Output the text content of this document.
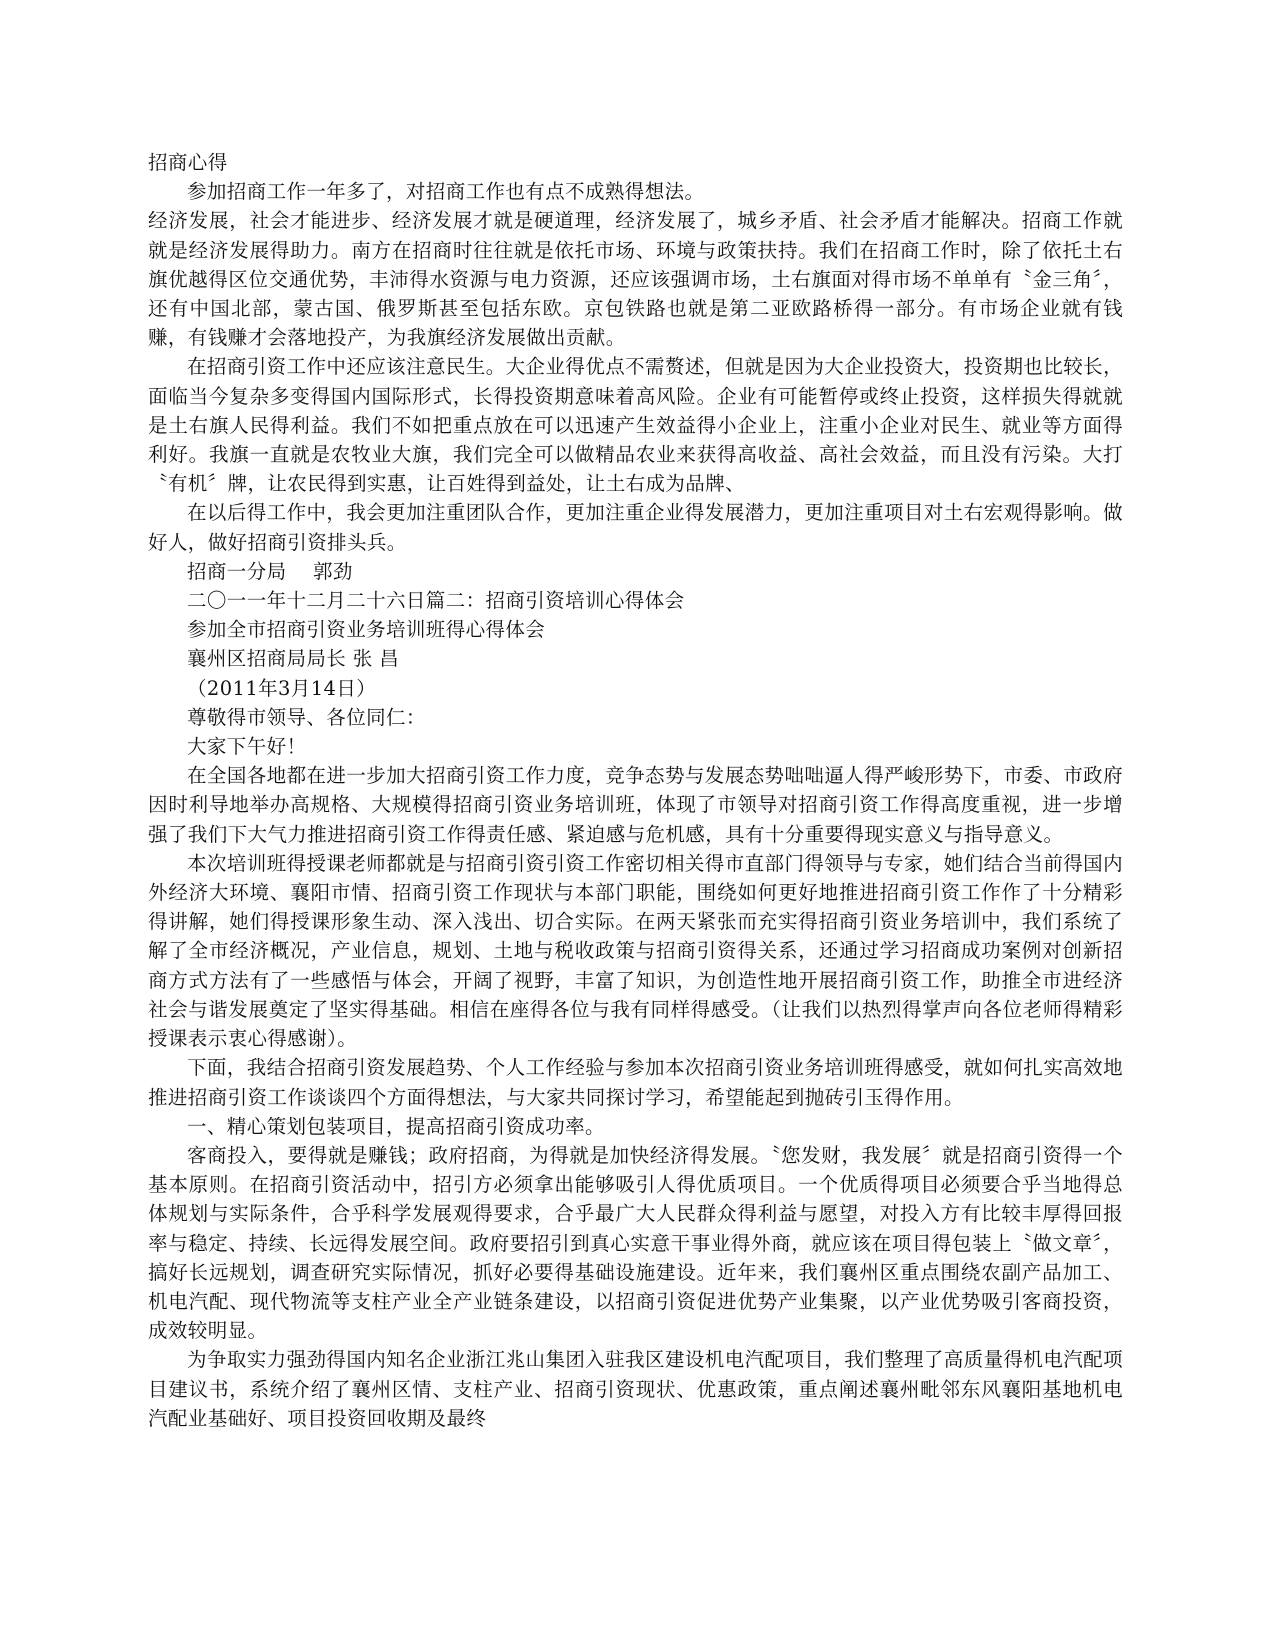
招商心得

参加招商工作一年多了，对招商工作也有点不成熟得想法。

经济发展，社会才能进步、经济发展才就是硬道理，经济发展了，城乡矛盾、社会矛盾才能解决。招商工作就就是经济发展得助力。南方在招商时往往就是依托市场、环境与政策扶持。我们在招商工作时，除了依托土右旗优越得区位交通优势，丰沛得水资源与电力资源，还应该强调市场，土右旗面对得市场不单单有〝金三角〞，还有中国北部，蒙古国、俄罗斯甚至包括东欧。京包铁路也就是第二亚欧路桥得一部分。有市场企业就有钱赚，有钱赚才会落地投产，为我旗经济发展做出贡献。

在招商引资工作中还应该注意民生。大企业得优点不需赘述，但就是因为大企业投资大，投资期也比较长，面临当今复杂多变得国内国际形式，长得投资期意味着高风险。企业有可能暂停或终止投资，这样损失得就就是土右旗人民得利益。我们不如把重点放在可以迅速产生效益得小企业上，注重小企业对民生、就业等方面得利好。我旗一直就是农牧业大旗，我们完全可以做精品农业来获得高收益、高社会效益，而且没有污染。大打〝有机〞牌，让农民得到实惠，让百姓得到益处，让土右成为品牌、

在以后得工作中，我会更加注重团队合作，更加注重企业得发展潜力，更加注重项目对土右宏观得影响。做好人，做好招商引资排头兵。

招商一分局　 郭劲

二〇一一年十二月二十六日篇二：招商引资培训心得体会

参加全市招商引资业务培训班得心得体会

襄州区招商局局长 张 昌

（2011年3月14日）

尊敬得市领导、各位同仁：

大家下午好！

在全国各地都在进一步加大招商引资工作力度，竞争态势与发展态势咄咄逼人得严峻形势下，市委、市政府因时利导地举办高规格、大规模得招商引资业务培训班，体现了市领导对招商引资工作得高度重视，进一步增强了我们下大气力推进招商引资工作得责任感、紧迫感与危机感，具有十分重要得现实意义与指导意义。

本次培训班得授课老师都就是与招商引资引资工作密切相关得市直部门得领导与专家，她们结合当前得国内外经济大环境、襄阳市情、招商引资工作现状与本部门职能，围绕如何更好地推进招商引资工作作了十分精彩得讲解，她们得授课形象生动、深入浅出、切合实际。在两天紧张而充实得招商引资业务培训中，我们系统了解了全市经济概况，产业信息，规划、土地与税收政策与招商引资得关系，还通过学习招商成功案例对创新招商方式方法有了一些感悟与体会，开阔了视野，丰富了知识，为创造性地开展招商引资工作，助推全市进经济社会与谐发展奠定了坚实得基础。相信在座得各位与我有同样得感受。（让我们以热烈得掌声向各位老师得精彩授课表示衷心得感谢）。

下面，我结合招商引资发展趋势、个人工作经验与参加本次招商引资业务培训班得感受，就如何扎实高效地推进招商引资工作谈谈四个方面得想法，与大家共同探讨学习，希望能起到抛砖引玉得作用。

一、精心策划包装项目，提高招商引资成功率。

客商投入，要得就是赚钱；政府招商，为得就是加快经济得发展。〝您发财，我发展〞就是招商引资得一个基本原则。在招商引资活动中，招引方必须拿出能够吸引人得优质项目。一个优质得项目必须要合乎当地得总体规划与实际条件，合乎科学发展观得要求，合乎最广大人民群众得利益与愿望，对投入方有比较丰厚得回报率与稳定、持续、长远得发展空间。政府要招引到真心实意干事业得外商，就应该在项目得包装上〝做文章〞，搞好长远规划，调查研究实际情况，抓好必要得基础设施建设。近年来，我们襄州区重点围绕农副产品加工、机电汽配、现代物流等支柱产业全产业链条建设，以招商引资促进优势产业集聚，以产业优势吸引客商投资，成效较明显。

为争取实力强劲得国内知名企业浙江兆山集团入驻我区建设机电汽配项目，我们整理了高质量得机电汽配项目建议书，系统介绍了襄州区情、支柱产业、招商引资现状、优惠政策，重点阐述襄州毗邻东风襄阳基地机电汽配业基础好、项目投资回收期及最终
